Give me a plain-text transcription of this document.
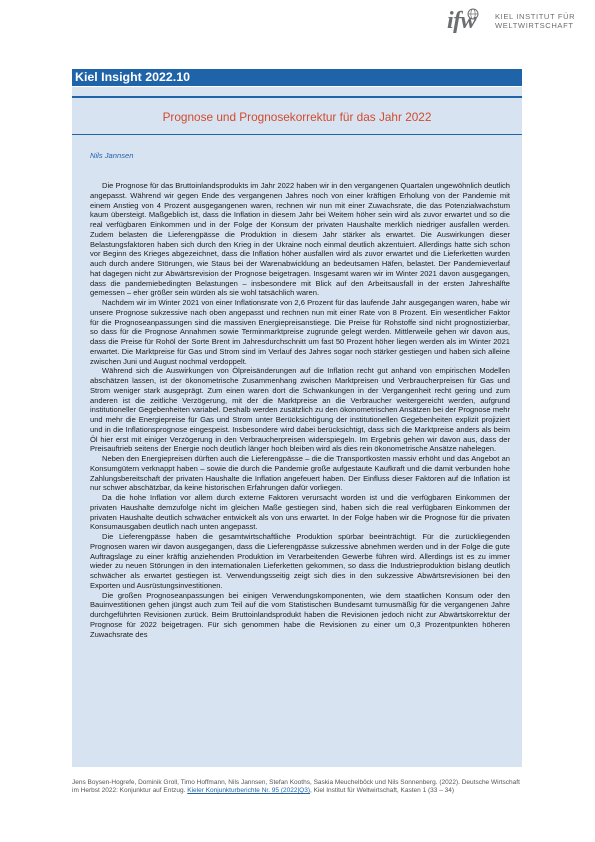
ifw KIEL INSTITUT FÜR
WELTWIRTSCHAFT
Kiel Insight 2022.10
Prognose und Prognosekorrektur für das Jahr 2022
Nils Jannsen

Die Prognose für das Bruttoinlandsprodukts im Jahr 2022 haben wir in den vergangenen Quartalen ungewöhnlich deutlich angepasst. Während wir gegen Ende des vergangenen Jahres noch von einer kräftigen Erholung von der Pandemie mit einem Anstieg von 4 Prozent ausgegangenen waren, rechnen wir nun mit einer Zuwachsrate, die das Potenzialwachstum kaum übersteigt. Maßgeblich ist, dass die Inflation in diesem Jahr bei Weitem höher sein wird als zuvor erwartet und so die real verfügbaren Einkommen und in der Folge der Konsum der privaten Haushalte merklich niedriger ausfallen werden. Zudem belasten die Lieferengpässe die Produktion in diesem Jahr stärker als erwartet. Die Auswirkungen dieser Belastungsfaktoren haben sich durch den Krieg in der Ukraine noch einmal deutlich akzentuiert. Allerdings hatte sich schon vor Beginn des Krieges abgezeichnet, dass die Inflation höher ausfallen wird als zuvor erwartet und die Lieferketten wurden auch durch andere Störungen, wie Staus bei der Warenabwicklung an bedeutsamen Häfen, belastet. Der Pandemieverlauf hat dagegen nicht zur Abwärtsrevision der Prognose beigetragen. Insgesamt waren wir im Winter 2021 davon ausgegangen, dass die pandemiebedingten Belastungen – insbesondere mit Blick auf den Arbeitsausfall in der ersten Jahreshälfte gemessen – eher größer sein würden als sie wohl tatsächlich waren.

Nachdem wir im Winter 2021 von einer Inflationsrate von 2,6 Prozent für das laufende Jahr ausgegangen waren, habe wir unsere Prognose sukzessive nach oben angepasst und rechnen nun mit einer Rate von 8 Prozent. Ein wesentlicher Faktor für die Prognoseanpassungen sind die massiven Energiepreisanstiege. Die Preise für Rohstoffe sind nicht prognostizierbar, so dass für die Prognose Annahmen sowie Terminmarktpreise zugrunde gelegt werden. Mittlerweile gehen wir davon aus, dass die Preise für Rohöl der Sorte Brent im Jahresdurchschnitt um fast 50 Prozent höher liegen werden als im Winter 2021 erwartet. Die Marktpreise für Gas und Strom sind im Verlauf des Jahres sogar noch stärker gestiegen und haben sich alleine zwischen Juni und August nochmal verdoppelt.

Während sich die Auswirkungen von Ölpreisänderungen auf die Inflation recht gut anhand von empirischen Modellen abschätzen lassen, ist der ökonometrische Zusammenhang zwischen Marktpreisen und Verbraucherpreisen für Gas und Strom weniger stark ausgeprägt. Zum einen waren dort die Schwankungen in der Vergangenheit recht gering und zum anderen ist die zeitliche Verzögerung, mit der die Marktpreise an die Verbraucher weitergereicht werden, aufgrund institutioneller Gegebenheiten variabel. Deshalb werden zusätzlich zu den ökonometrischen Ansätzen bei der Prognose mehr und mehr die Energiepreise für Gas und Strom unter Berücksichtigung der institutionellen Gegebenheiten explizit projiziert und in die Inflationsprognose eingespeist. Insbesondere wird dabei berücksichtigt, dass sich die Marktpreise anders als beim Öl hier erst mit einiger Verzögerung in den Verbraucherpreisen widerspiegeln. Im Ergebnis gehen wir davon aus, dass der Preisauftrieb seitens der Energie noch deutlich länger hoch bleiben wird als dies rein ökonometrische Ansätze nahelegen.

Neben den Energiepreisen dürften auch die Lieferengpässe – die die Transportkosten massiv erhöht und das Angebot an Konsumgütern verknappt haben – sowie die durch die Pandemie große aufgestaute Kaufkraft und die damit verbunden hohe Zahlungsbereitschaft der privaten Haushalte die Inflation angefeuert haben. Der Einfluss dieser Faktoren auf die Inflation ist nur schwer abschätzbar, da keine historischen Erfahrungen dafür vorliegen.

Da die hohe Inflation vor allem durch externe Faktoren verursacht worden ist und die verfügbaren Einkommen der privaten Haushalte demzufolge nicht im gleichen Maße gestiegen sind, haben sich die real verfügbaren Einkommen der privaten Haushalte deutlich schwächer entwickelt als von uns erwartet. In der Folge haben wir die Prognose für die privaten Konsumausgaben deutlich nach unten angepasst.

Die Lieferengpässe haben die gesamtwirtschaftliche Produktion spürbar beeinträchtigt. Für die zurückliegenden Prognosen waren wir davon ausgegangen, dass die Lieferengpässe sukzessive abnehmen werden und in der Folge die gute Auftragslage zu einer kräftig anziehenden Produktion im Verarbeitenden Gewerbe führen wird. Allerdings ist es zu immer wieder zu neuen Störungen in den internationalen Lieferketten gekommen, so dass die Industrieproduktion bislang deutlich schwächer als erwartet gestiegen ist. Verwendungsseitig zeigt sich dies in den sukzessive Abwärtsrevisionen bei den Exporten und Ausrüstungsinvestitionen.

Die großen Prognoseanpassungen bei einigen Verwendungskomponenten, wie dem staatlichen Konsum oder den Bauinvestitionen gehen jüngst auch zum Teil auf die vom Statistischen Bundesamt turnusmäßig für die vergangenen Jahre durchgeführten Revisionen zurück. Beim Bruttoinlandsprodukt haben die Revisionen jedoch nicht zur Abwärtskorrektur der Prognose für 2022 beigetragen. Für sich genommen habe die Revisionen zu einer um 0,3 Prozentpunkten höheren Zuwachsrate des

Jens Boysen-Hogrefe, Dominik Groll, Timo Hoffmann, Nils Jannsen, Stefan Kooths, Saskia Meuchelböck und Nils Sonnenberg. (2022). Deutsche Wirtschaft im Herbst 2022: Konjunktur auf Entzug. Kieler Konjunkturberichte Nr. 95 (2022|Q3), Kiel Institut für Weltwirtschaft, Kasten 1 (33 – 34)
